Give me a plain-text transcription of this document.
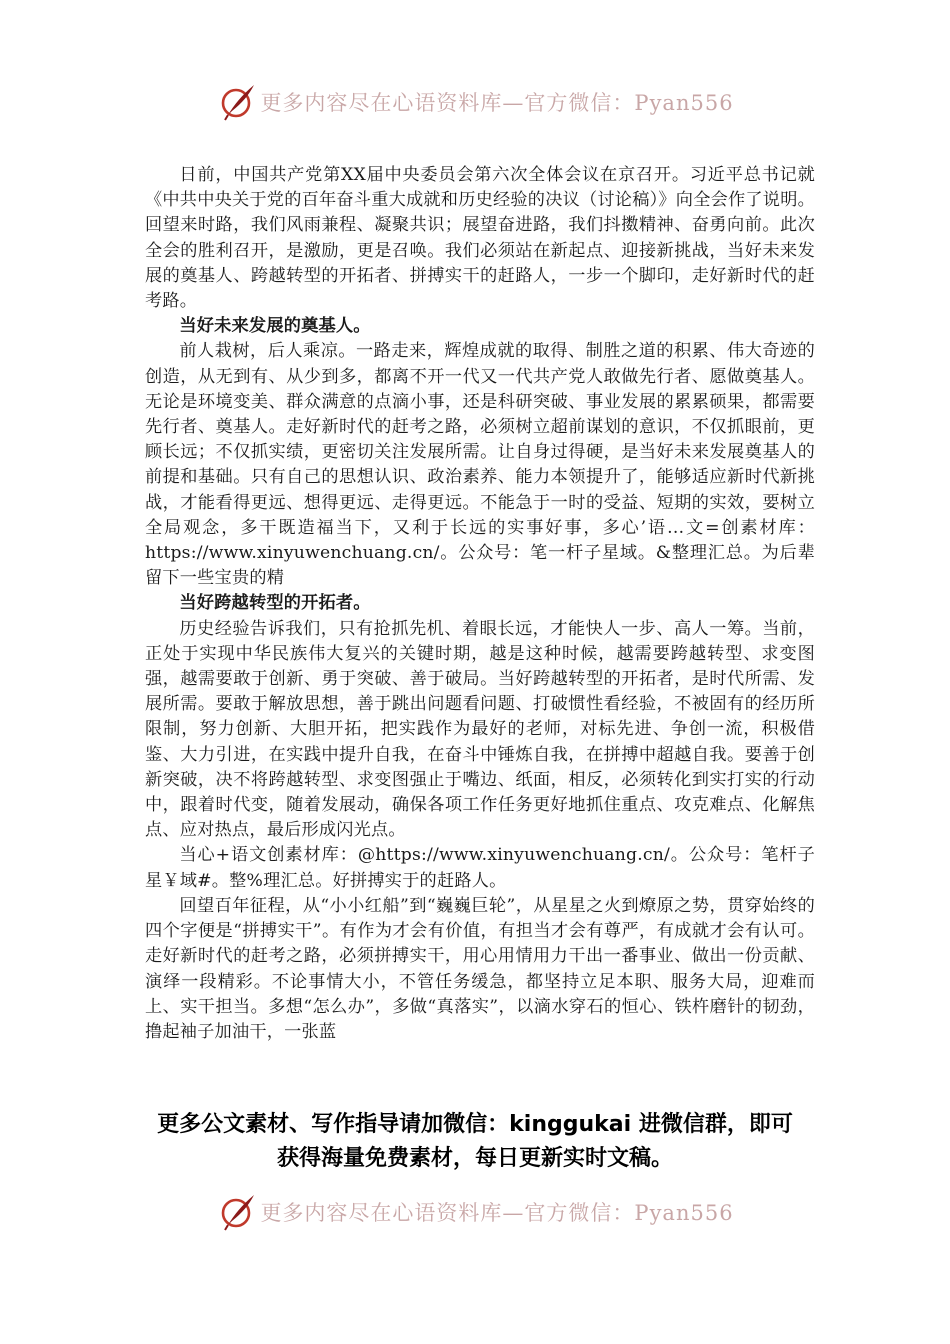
更多内容尽在心语资料库—官方微信：Pyan556

日前，中国共产党第XX届中央委员会第六次全体会议在京召开。习近平总书记就《中共中央关于党的百年奋斗重大成就和历史经验的决议（讨论稿）》向全会作了说明。回望来时路，我们风雨兼程、凝聚共识；展望奋进路，我们抖擞精神、奋勇向前。此次全会的胜利召开，是激励，更是召唤。我们必须站在新起点、迎接新挑战，当好未来发展的奠基人、跨越转型的开拓者、拼搏实干的赶路人，一步一个脚印，走好新时代的赶考路。

当好未来发展的奠基人。

前人栽树，后人乘凉。一路走来，辉煌成就的取得、制胜之道的积累、伟大奇迹的创造，从无到有、从少到多，都离不开一代又一代共产党人敢做先行者、愿做奠基人。无论是环境变美、群众满意的点滴小事，还是科研突破、事业发展的累累硕果，都需要先行者、奠基人。走好新时代的赶考之路，必须树立超前谋划的意识，不仅抓眼前，更顾长远；不仅抓实绩，更密切关注发展所需。让自身过得硬，是当好未来发展奠基人的前提和基础。只有自己的思想认识、政治素养、能力本领提升了，能够适应新时代新挑战，才能看得更远、想得更远、走得更远。不能急于一时的受益、短期的实效，要树立全局观念，多干既造福当下，又利于长远的实事好事，多心’语…文=创素材库：https://www.xinyuwenchuang.cn/。公众号：笔一杆子星域。&整理汇总。为后辈留下一些宝贵的精

当好跨越转型的开拓者。

历史经验告诉我们，只有抢抓先机、着眼长远，才能快人一步、高人一筹。当前，正处于实现中华民族伟大复兴的关键时期，越是这种时候，越需要跨越转型、求变图强，越需要敢于创新、勇于突破、善于破局。当好跨越转型的开拓者，是时代所需、发展所需。要敢于解放思想，善于跳出问题看问题、打破惯性看经验，不被固有的经历所限制，努力创新、大胆开拓，把实践作为最好的老师，对标先进、争创一流，积极借鉴、大力引进，在实践中提升自我，在奋斗中锤炼自我，在拼搏中超越自我。要善于创新突破，决不将跨越转型、求变图强止于嘴边、纸面，相反，必须转化到实打实的行动中，跟着时代变，随着发展动，确保各项工作任务更好地抓住重点、攻克难点、化解焦点、应对热点，最后形成闪光点。

当心+语文创素材库：@https://www.xinyuwenchuang.cn/。公众号：笔杆子星￥域#。整%理汇总。好拼搏实于的赶路人。

回望百年征程，从“小小红船”到“巍巍巨轮”，从星星之火到燎原之势，贯穿始终的四个字便是“拼搏实干”。有作为才会有价值，有担当才会有尊严，有成就才会有认可。走好新时代的赶考之路，必须拼搏实干，用心用情用力干出一番事业、做出一份贡献、演绎一段精彩。不论事情大小，不管任务缓急，都坚持立足本职、服务大局，迎难而上、实干担当。多想“怎么办”，多做“真落实”，以滴水穿石的恒心、铁杵磨针的韧劲，撸起袖子加油干，一张蓝

更多公文素材、写作指导请加微信：kinggukai 进微信群，即可
获得海量免费素材，每日更新实时文稿。
更多内容尽在心语资料库—官方微信：Pyan556
